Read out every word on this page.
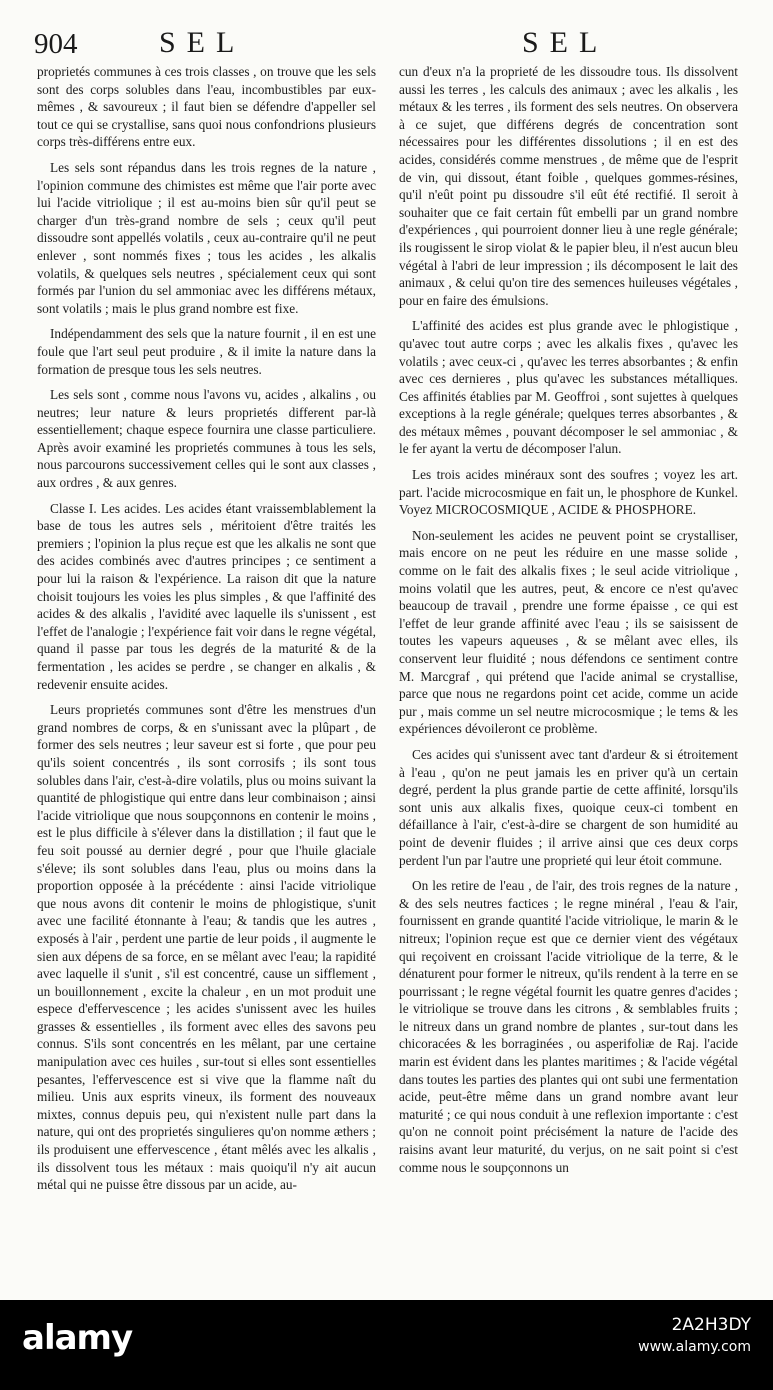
904	SEL	SEL

proprietés communes à ces trois classes , on trouve que les sels sont des corps solubles dans l'eau, incombustibles par eux-mêmes , & savoureux ; il faut bien se défendre d'appeller sel tout ce qui se crystallise, sans quoi nous confondrions plusieurs corps très-différens entre eux.

Les sels sont répandus dans les trois regnes de la nature , l'opinion commune des chimistes est même que l'air porte avec lui l'acide vitriolique ; il est au-moins bien sûr qu'il peut se charger d'un très-grand nombre de sels ; ceux qu'il peut dissoudre sont appellés volatils , ceux au-contraire qu'il ne peut enlever , sont nommés fixes ; tous les acides , les alkalis volatils, & quelques sels neutres , spécialement ceux qui sont formés par l'union du sel ammoniac avec les différens métaux, sont volatils ; mais le plus grand nombre est fixe.

Indépendamment des sels que la nature fournit , il en est une foule que l'art seul peut produire , & il imite la nature dans la formation de presque tous les sels neutres.

Les sels sont , comme nous l'avons vu, acides , alkalins , ou neutres; leur nature & leurs proprietés different par-là essentiellement; chaque espece fournira une classe particuliere. Après avoir examiné les proprietés communes à tous les sels, nous parcourons successivement celles qui le sont aux classes , aux ordres , & aux genres.

Classe I. Les acides. Les acides étant vraissemblablement la base de tous les autres sels , méritoient d'être traités les premiers ; l'opinion la plus reçue est que les alkalis ne sont que des acides combinés avec d'autres principes ; ce sentiment a pour lui la raison & l'expérience. La raison dit que la nature choisit toujours les voies les plus simples , & que l'affinité des acides & des alkalis , l'avidité avec laquelle ils s'unissent , est l'effet de l'analogie ; l'expérience fait voir dans le regne végétal, quand il passe par tous les degrés de la maturité & de la fermentation , les acides se perdre , se changer en alkalis , & redevenir ensuite acides.

Leurs proprietés communes sont d'être les menstrues d'un grand nombres de corps, & en s'unissant avec la plûpart , de former des sels neutres ; leur saveur est si forte , que pour peu qu'ils soient concentrés , ils sont corrosifs ; ils sont tous solubles dans l'air, c'est-à-dire volatils, plus ou moins suivant la quantité de phlogistique qui entre dans leur combinaison ; ainsi l'acide vitriolique que nous soupçonnons en contenir le moins , est le plus difficile à s'élever dans la distillation ; il faut que le feu soit poussé au dernier degré , pour que l'huile glaciale s'éleve; ils sont solubles dans l'eau, plus ou moins dans la proportion opposée à la précédente : ainsi l'acide vitriolique que nous avons dit contenir le moins de phlogistique, s'unit avec une facilité étonnante à l'eau; & tandis que les autres , exposés à l'air , perdent une partie de leur poids , il augmente le sien aux dépens de sa force, en se mêlant avec l'eau; la rapidité avec laquelle il s'unit , s'il est concentré, cause un sifflement , un bouillonnement , excite la chaleur , en un mot produit une espece d'effervescence ; les acides s'unissent avec les huiles grasses & essentielles , ils forment avec elles des savons peu connus. S'ils sont concentrés en les mêlant, par une certaine manipulation avec ces huiles , sur-tout si elles sont essentielles pesantes, l'effervescence est si vive que la flamme naît du milieu. Unis aux esprits vineux, ils forment des nouveaux mixtes, connus depuis peu, qui n'existent nulle part dans la nature, qui ont des proprietés singulieres qu'on nomme æthers ; ils produisent une effervescence , étant mêlés avec les alkalis , ils dissolvent tous les métaux : mais quoiqu'il n'y ait aucun métal qui ne puisse être dissous par un acide, au-

cun d'eux n'a la proprieté de les dissoudre tous. Ils dissolvent aussi les terres , les calculs des animaux ; avec les alkalis , les métaux & les terres , ils forment des sels neutres. On observera à ce sujet, que différens degrés de concentration sont nécessaires pour les différentes dissolutions ; il en est des acides, considérés comme menstrues , de même que de l'esprit de vin, qui dissout, étant foible , quelques gommes-résines, qu'il n'eût point pu dissoudre s'il eût été rectifié. Il seroit à souhaiter que ce fait certain fût embelli par un grand nombre d'expériences , qui pourroient donner lieu à une regle générale; ils rougissent le sirop violat & le papier bleu, il n'est aucun bleu végétal à l'abri de leur impression ; ils décomposent le lait des animaux , & celui qu'on tire des semences huileuses végétales , pour en faire des émulsions.

L'affinité des acides est plus grande avec le phlogistique , qu'avec tout autre corps ; avec les alkalis fixes , qu'avec les volatils ; avec ceux-ci , qu'avec les terres absorbantes ; & enfin avec ces dernieres , plus qu'avec les substances métalliques. Ces affinités établies par M. Geoffroi , sont sujettes à quelques exceptions à la regle générale; quelques terres absorbantes , & des métaux mêmes , pouvant décomposer le sel ammoniac , & le fer ayant la vertu de décomposer l'alun.

Les trois acides minéraux sont des soufres ; voyez les art. part. l'acide microcosmique en fait un, le phosphore de Kunkel. Voyez MICROCOSMIQUE , ACIDE & PHOSPHORE.

Non-seulement les acides ne peuvent point se crystalliser, mais encore on ne peut les réduire en une masse solide , comme on le fait des alkalis fixes ; le seul acide vitriolique , moins volatil que les autres, peut, & encore ce n'est qu'avec beaucoup de travail , prendre une forme épaisse , ce qui est l'effet de leur grande affinité avec l'eau ; ils se saisissent de toutes les vapeurs aqueuses , & se mêlant avec elles, ils conservent leur fluidité ; nous défendons ce sentiment contre M. Marcgraf , qui prétend que l'acide animal se crystallise, parce que nous ne regardons point cet acide, comme un acide pur , mais comme un sel neutre microcosmique ; le tems & les expériences dévoileront ce problème.

Ces acides qui s'unissent avec tant d'ardeur & si étroitement à l'eau , qu'on ne peut jamais les en priver qu'à un certain degré, perdent la plus grande partie de cette affinité, lorsqu'ils sont unis aux alkalis fixes, quoique ceux-ci tombent en défaillance à l'air, c'est-à-dire se chargent de son humidité au point de devenir fluides ; il arrive ainsi que ces deux corps perdent l'un par l'autre une proprieté qui leur étoit commune.

On les retire de l'eau , de l'air, des trois regnes de la nature , & des sels neutres factices ; le regne minéral , l'eau & l'air, fournissent en grande quantité l'acide vitriolique, le marin & le nitreux; l'opinion reçue est que ce dernier vient des végétaux qui reçoivent en croissant l'acide vitriolique de la terre, & le dénaturent pour former le nitreux, qu'ils rendent à la terre en se pourrissant ; le regne végétal fournit les quatre genres d'acides ; le vitriolique se trouve dans les citrons , & semblables fruits ; le nitreux dans un grand nombre de plantes , sur-tout dans les chicoracées & les borraginées , ou asperifoliæ de Raj. l'acide marin est évident dans les plantes maritimes ; & l'acide végétal dans toutes les parties des plantes qui ont subi une fermentation acide, peut-être même dans un grand nombre avant leur maturité ; ce qui nous conduit à une reflexion importante : c'est qu'on ne connoit point précisément la nature de l'acide des raisins avant leur maturité, du verjus, on ne sait point si c'est comme nous le soupçonnons un

alamy	2A2H3DY
www.alamy.com
